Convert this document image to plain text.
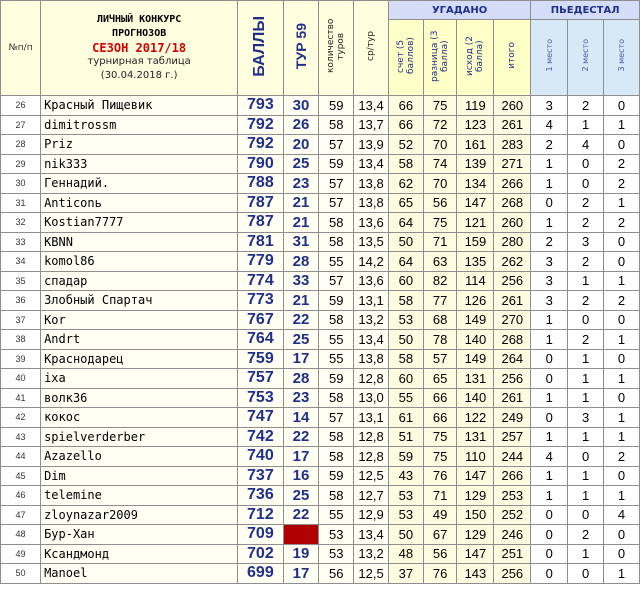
№п/п	ЛИЧНЫЙ КОНКУРС
ПРОГНОЗОВ
СЕЗОН 2017/18
турнирная таблица
(30.04.2018 г.)	БАЛЛЫ	ТУР 59	количество туров	ср/тур	УГАДАНО				ПЬЕДЕСТАЛ		
						счет (5 баллов)	разница (3 балла)	исход (2 балла)	итого	1 место	2 место	3 место
26	Красный Пищевик	793	30	59	13,4	66	75	119	260	3	2	0
27	dimitrossm	792	26	58	13,7	66	72	123	261	4	1	1
28	Priz	792	20	57	13,9	52	70	161	283	2	4	0
29	nik333	790	25	59	13,4	58	74	139	271	1	0	2
30	Геннадий.	788	23	57	13,8	62	70	134	266	1	0	2
31	Anticonь	787	21	57	13,8	65	56	147	268	0	2	1
32	Kostian7777	787	21	58	13,6	64	75	121	260	1	2	2
33	KBNN	781	31	58	13,5	50	71	159	280	2	3	0
34	komol86	779	28	55	14,2	64	63	135	262	3	2	0
35	спадар	774	33	57	13,6	60	82	114	256	3	1	1
36	Злобный Спартач	773	21	59	13,1	58	77	126	261	3	2	2
37	Kor	767	22	58	13,2	53	68	149	270	1	0	0
38	Andrt	764	25	55	13,4	50	78	140	268	1	2	1
39	Краснодарец	759	17	55	13,8	58	57	149	264	0	1	0
40	ixa	757	28	59	12,8	60	65	131	256	0	1	1
41	волк36	753	23	58	13,0	55	66	140	261	1	1	0
42	кокос	747	14	57	13,1	61	66	122	249	0	3	1
43	spielverderber	742	22	58	12,8	51	75	131	257	1	1	1
44	Azazello	740	17	58	12,8	59	75	110	244	4	0	2
45	Dim	737	16	59	12,5	43	76	147	266	1	1	0
46	telemine	736	25	58	12,7	53	71	129	253	1	1	1
47	zloynazar2009	712	22	55	12,9	53	49	150	252	0	0	4
48	Бур-Хан	709		53	13,4	50	67	129	246	0	2	0
49	Ксандмонд	702	19	53	13,2	48	56	147	251	0	1	0
50	Manoel	699	17	56	12,5	37	76	143	256	0	0	1
